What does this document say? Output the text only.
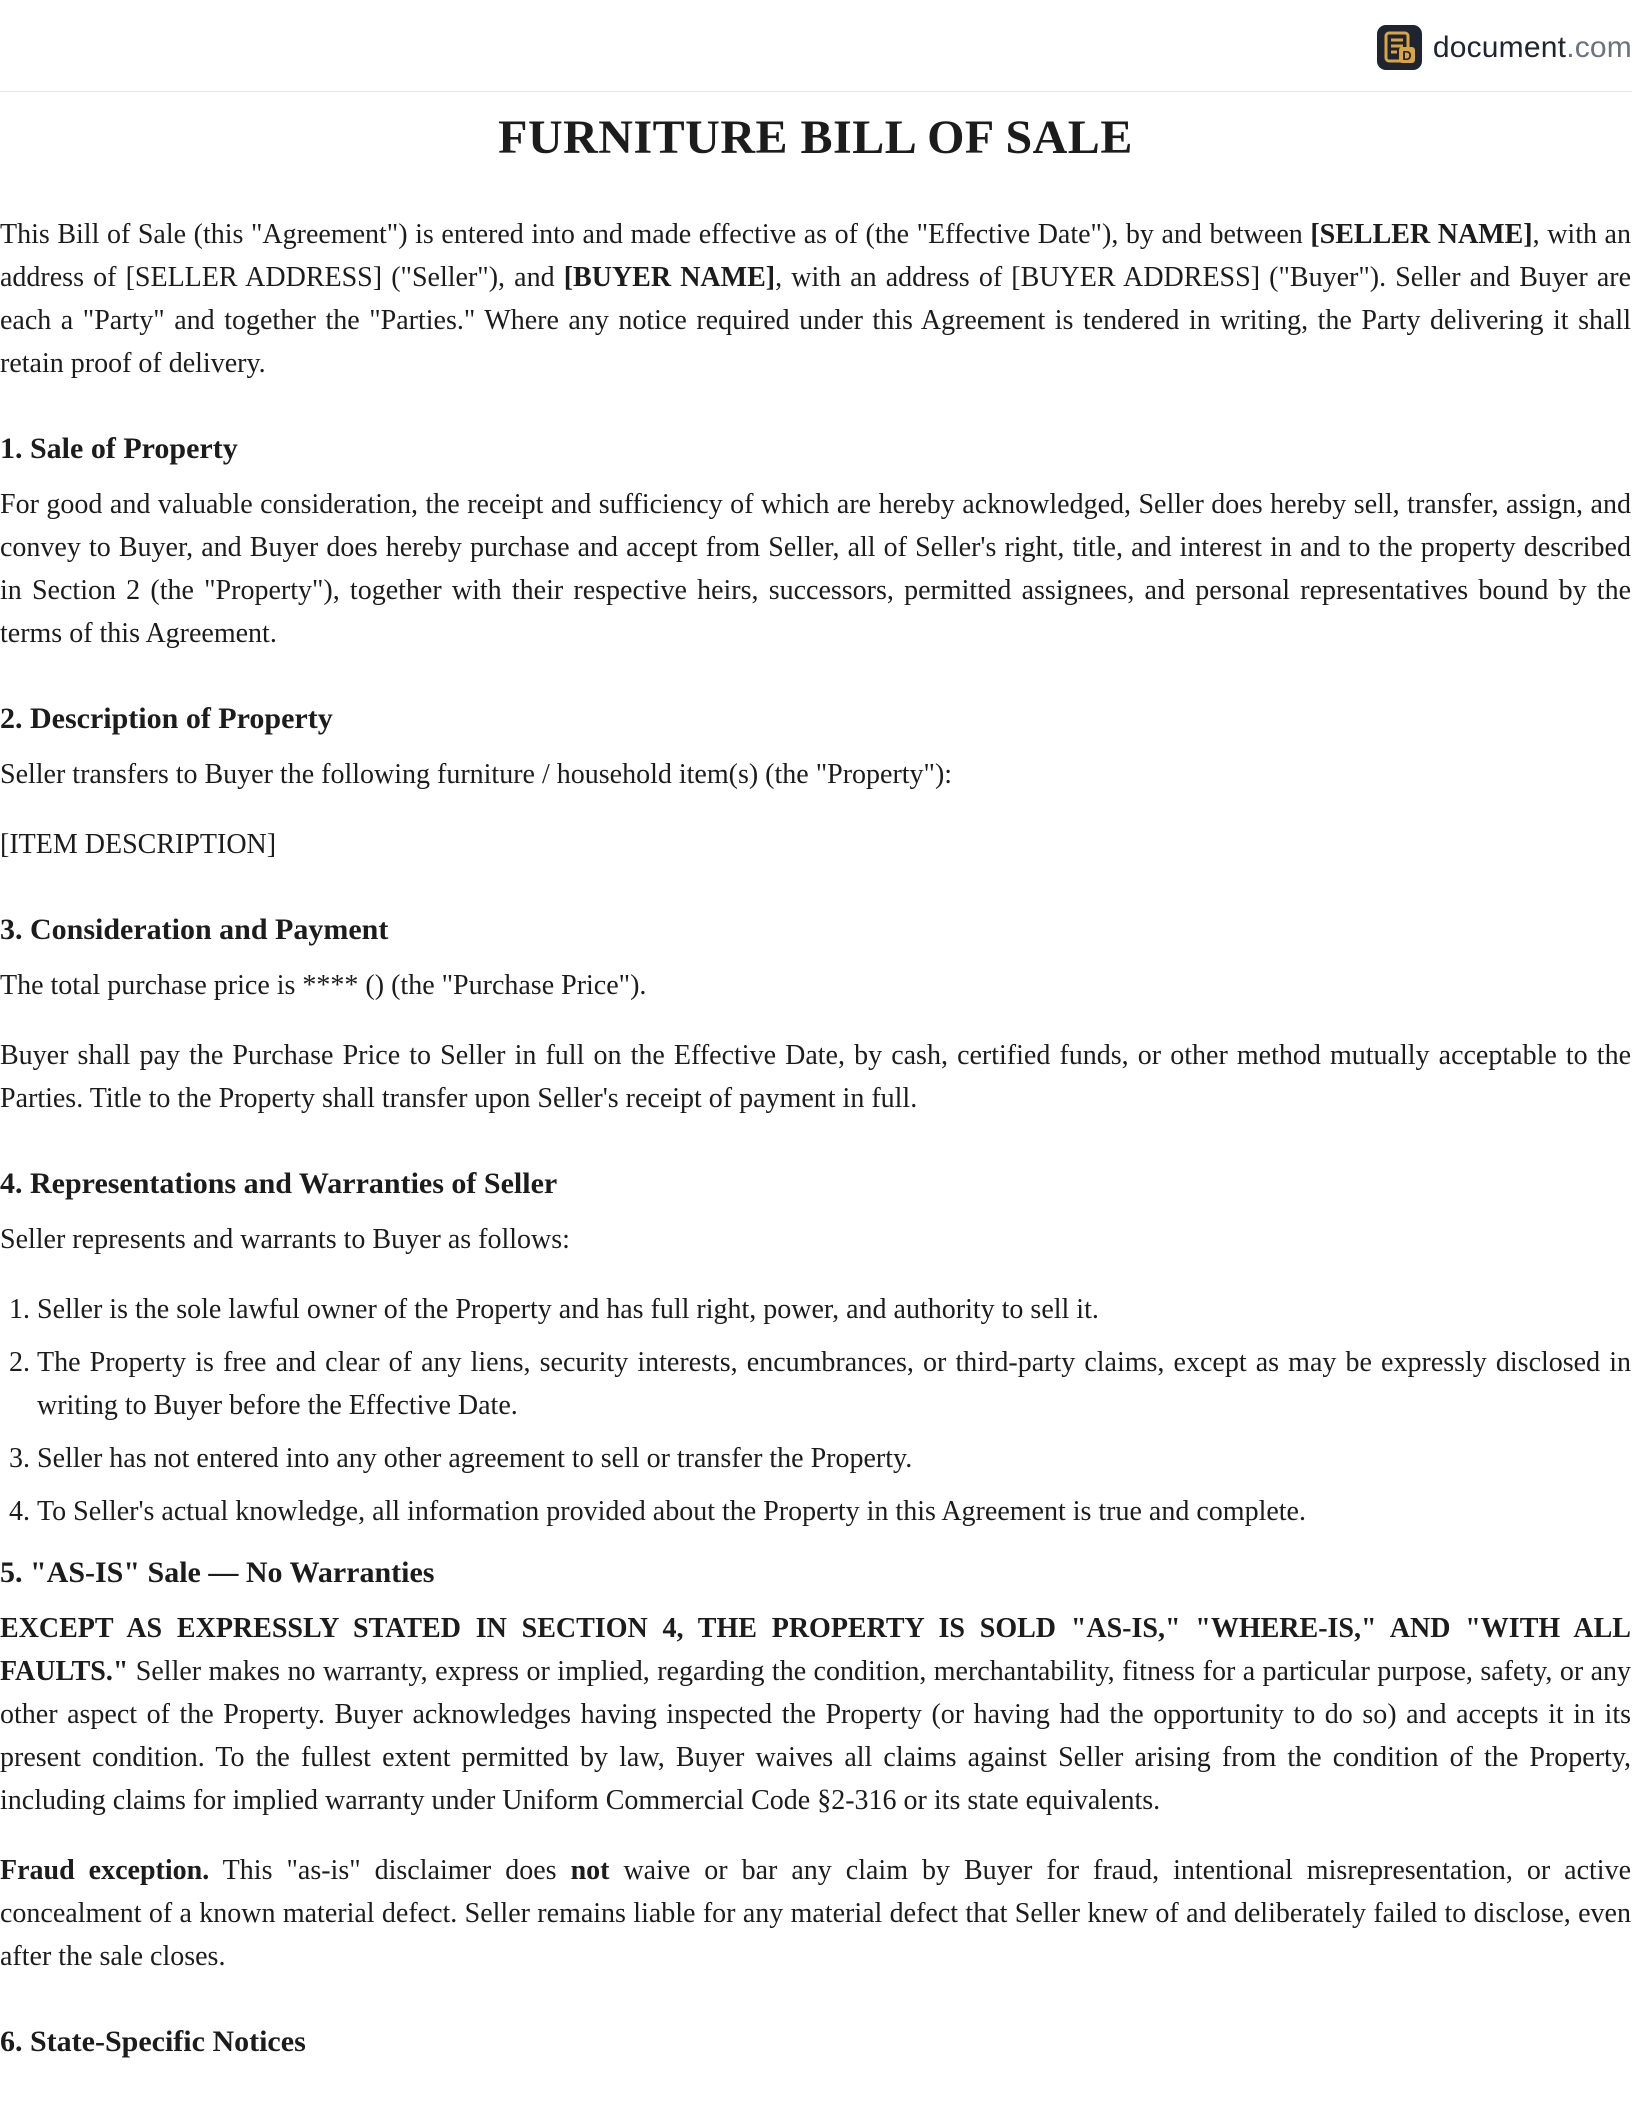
D document.com
FURNITURE BILL OF SALE

This Bill of Sale (this "Agreement") is entered into and made effective as of (the "Effective Date"), by and between [SELLER NAME], with an address of [SELLER ADDRESS] ("Seller"), and [BUYER NAME], with an address of [BUYER ADDRESS] ("Buyer"). Seller and Buyer are each a "Party" and together the "Parties." Where any notice required under this Agreement is tendered in writing, the Party delivering it shall retain proof of delivery.

1. Sale of Property

For good and valuable consideration, the receipt and sufficiency of which are hereby acknowledged, Seller does hereby sell, transfer, assign, and convey to Buyer, and Buyer does hereby purchase and accept from Seller, all of Seller's right, title, and interest in and to the property described in Section 2 (the "Property"), together with their respective heirs, successors, permitted assignees, and personal representatives bound by the terms of this Agreement.

2. Description of Property

Seller transfers to Buyer the following furniture / household item(s) (the "Property"):

[ITEM DESCRIPTION]

3. Consideration and Payment

The total purchase price is **** () (the "Purchase Price").

Buyer shall pay the Purchase Price to Seller in full on the Effective Date, by cash, certified funds, or other method mutually acceptable to the Parties. Title to the Property shall transfer upon Seller's receipt of payment in full.

4. Representations and Warranties of Seller

Seller represents and warrants to Buyer as follows:

1. Seller is the sole lawful owner of the Property and has full right, power, and authority to sell it.
2. The Property is free and clear of any liens, security interests, encumbrances, or third-party claims, except as may be expressly disclosed in writing to Buyer before the Effective Date.
3. Seller has not entered into any other agreement to sell or transfer the Property.
4. To Seller's actual knowledge, all information provided about the Property in this Agreement is true and complete.
5. "AS-IS" Sale — No Warranties

EXCEPT AS EXPRESSLY STATED IN SECTION 4, THE PROPERTY IS SOLD "AS-IS," "WHERE-IS," AND "WITH ALL FAULTS." Seller makes no warranty, express or implied, regarding the condition, merchantability, fitness for a particular purpose, safety, or any other aspect of the Property. Buyer acknowledges having inspected the Property (or having had the opportunity to do so) and accepts it in its present condition. To the fullest extent permitted by law, Buyer waives all claims against Seller arising from the condition of the Property, including claims for implied warranty under Uniform Commercial Code §2-316 or its state equivalents.

Fraud exception. This "as-is" disclaimer does not waive or bar any claim by Buyer for fraud, intentional misrepresentation, or active concealment of a known material defect. Seller remains liable for any material defect that Seller knew of and deliberately failed to disclose, even after the sale closes.

6. State-Specific Notices
